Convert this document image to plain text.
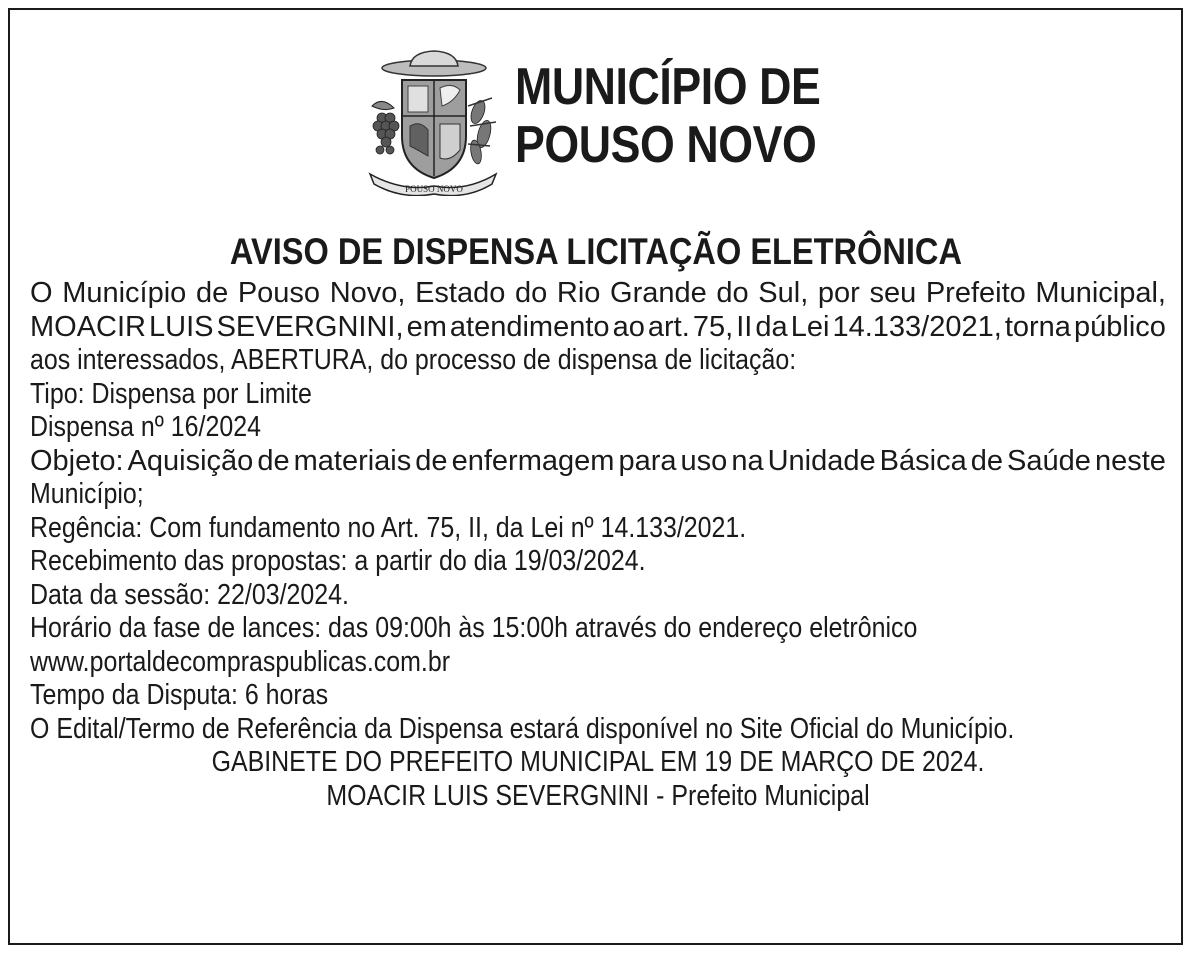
POUSO NOVO
MUNICÍPIO DE
POUSO NOVO
AVISO DE DISPENSA LICITAÇÃO ELETRÔNICA
O Município de Pouso Novo, Estado do Rio Grande do Sul, por seu Prefeito Municipal,
MOACIR LUIS SEVERGNINI, em atendimento ao art. 75, II da Lei 14.133/2021, torna público
aos interessados, ABERTURA, do processo de dispensa de licitação:
Tipo: Dispensa por Limite
Dispensa nº 16/2024
Objeto: Aquisição de materiais de enfermagem para uso na Unidade Básica de Saúde neste
Município;
Regência: Com fundamento no Art. 75, II, da Lei nº 14.133/2021.
Recebimento das propostas: a partir do dia 19/03/2024.
Data da sessão: 22/03/2024.
Horário da fase de lances: das 09:00h às 15:00h através do endereço eletrônico
www.portaldecompraspublicas.com.br
Tempo da Disputa: 6 horas
O Edital/Termo de Referência da Dispensa estará disponível no Site Oficial do Município.
GABINETE DO PREFEITO MUNICIPAL EM 19 DE MARÇO DE 2024.
MOACIR LUIS SEVERGNINI - Prefeito Municipal
